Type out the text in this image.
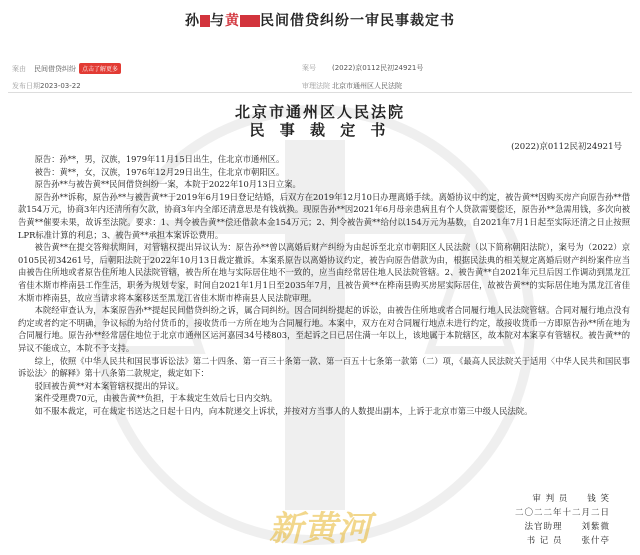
孙 与黄 民间借贷纠纷一审民事裁定书
案由 民间借贷纠纷 点击了解更多
发布日期2023-03-22
案号 (2022)京0112民初24921号
审理法院 北京市通州区人民法院
北京市通州区人民法院
民 事 裁 定 书
(2022)京0112民初24921号

原告：孙**，男，汉族，1979年11月15日出生，住北京市通州区。

被告：黄**，女，汉族，1976年12月29日出生，住北京市朝阳区。

原告孙**与被告黄**民间借贷纠纷一案，本院于2022年10月13日立案。

原告孙**诉称，原告孙**与被告黄**于2019年6月19日登记结婚，后双方在2019年12月10日办理离婚手续。离婚协议中约定，被告黄**因购买房产向原告孙**借款154万元，协商3年内还清所有欠款，协商3年内全部还清意思是有钱就换。现原告孙**因2021年6月母亲患病且有个人贷款需要偿还，原告孙**急需用钱，多次向被告黄**催要未果，故诉至法院。要求：1、判令被告黄**偿还借款本金154万元；2、判令被告黄**给付以154万元为基数，自2021年7月1日起至实际还清之日止按照LPR标准计算的利息；3、被告黄**承担本案诉讼费用。

被告黄**在提交答辩状期间，对管辖权提出异议认为：原告孙**曾以离婚后财产纠纷为由起诉至北京市朝阳区人民法院（以下简称朝阳法院），案号为（2022）京0105民初34261号，后朝阳法院于2022年10月13日裁定撤诉。本案系原告以离婚协议约定，被告向原告借款为由，根据民法典的相关规定离婚后财产纠纷案件应当由被告住所地或者原告住所地人民法院管辖，被告所在地与实际居住地不一致的，应当由经常居住地人民法院管辖。2、被告黄**自2021年元旦后因工作调动到黑龙江省佳木斯市桦南县工作生活，职务为规划专家，时间自2021年1月1日至2035年7月，且被告黄**在桦南县购买房屋实际居住，故被告黄**的实际居住地为黑龙江省佳木斯市桦南县，故应当请求将本案移送至黑龙江省佳木斯市桦南县人民法院审理。

本院经审查认为，本案原告孙**提起民间借贷纠纷之诉，属合同纠纷。因合同纠纷提起的诉讼，由被告住所地或者合同履行地人民法院管辖。合同对履行地点没有约定或者约定不明确，争议标的为给付货币的，接收货币一方所在地为合同履行地。本案中，双方在对合同履行地点未进行约定，故接收货币一方即原告孙**所在地为合同履行地。原告孙**经常居住地位于北京市通州区运河嘉园34号楼803，至起诉之日已居住满一年以上，该地属于本院辖区，故本院对本案享有管辖权。被告黄**的异议不能成立，本院不予支持。

综上，依照《中华人民共和国民事诉讼法》第二十四条、第一百三十条第一款、第一百五十七条第一款第（二）项，《最高人民法院关于适用〈中华人民共和国民事诉讼法〉的解释》第十八条第二款规定，裁定如下：

驳回被告黄**对本案管辖权提出的异议。

案件受理费70元，由被告黄**负担，于本裁定生效后七日内交纳。

如不服本裁定，可在裁定书送达之日起十日内，向本院递交上诉状，并按对方当事人的人数提出副本，上诉于北京市第三中级人民法院。

审 判 员　　 钱 笑
二〇二二年十二月二日
法官助理　　 刘紫微
书 记 员　　 张什亭
新黄河
